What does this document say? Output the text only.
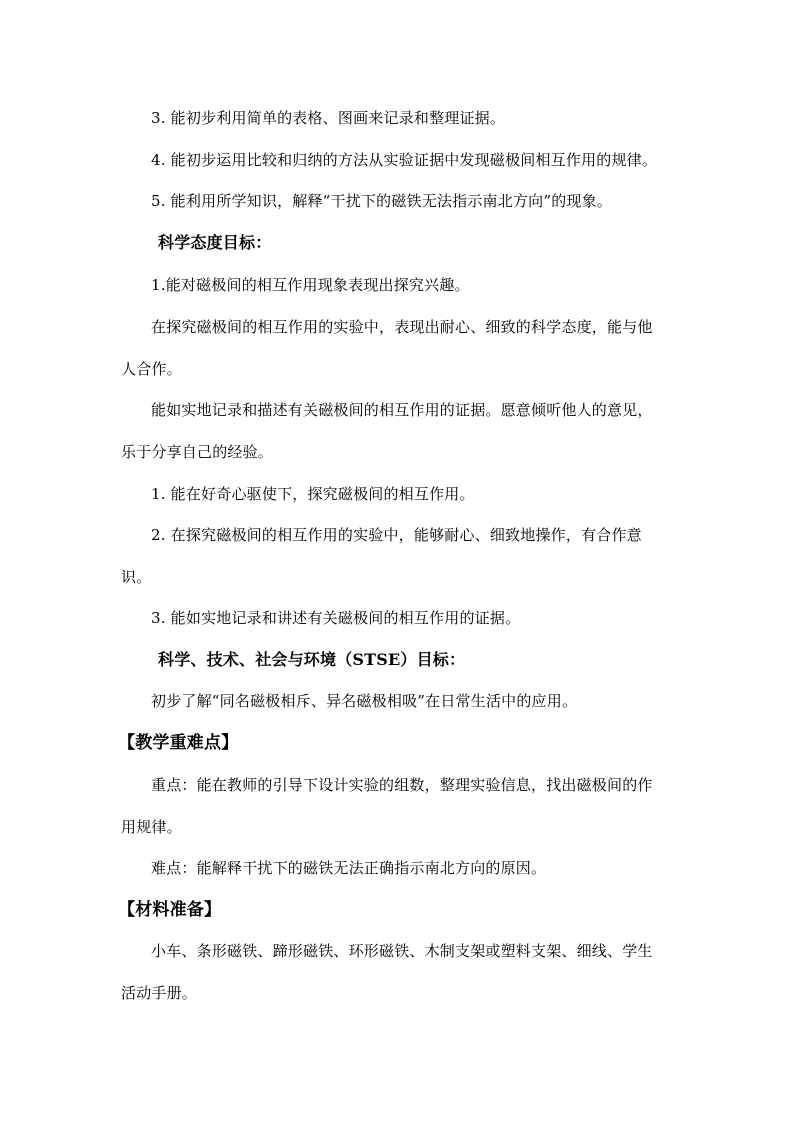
3. 能初步利用简单的表格、图画来记录和整理证据。
4. 能初步运用比较和归纳的方法从实验证据中发现磁极间相互作用的规律。
5. 能利用所学知识，解释“干扰下的磁铁无法指示南北方向”的现象。
科学态度目标：
1.能对磁极间的相互作用现象表现出探究兴趣。
在探究磁极间的相互作用的实验中，表现出耐心、细致的科学态度，能与他
人合作。
能如实地记录和描述有关磁极间的相互作用的证据。愿意倾听他人的意见，
乐于分享自己的经验。
1. 能在好奇心驱使下，探究磁极间的相互作用。
2. 在探究磁极间的相互作用的实验中，能够耐心、细致地操作，有合作意
识。
3. 能如实地记录和讲述有关磁极间的相互作用的证据。
科学、技术、社会与环境（STSE）目标：
初步了解“同名磁极相斥、异名磁极相吸”在日常生活中的应用。
【教学重难点】
重点：能在教师的引导下设计实验的组数，整理实验信息，找出磁极间的作
用规律。
难点：能解释干扰下的磁铁无法正确指示南北方向的原因。
【材料准备】
小车、条形磁铁、蹄形磁铁、环形磁铁、木制支架或塑料支架、细线、学生
活动手册。
